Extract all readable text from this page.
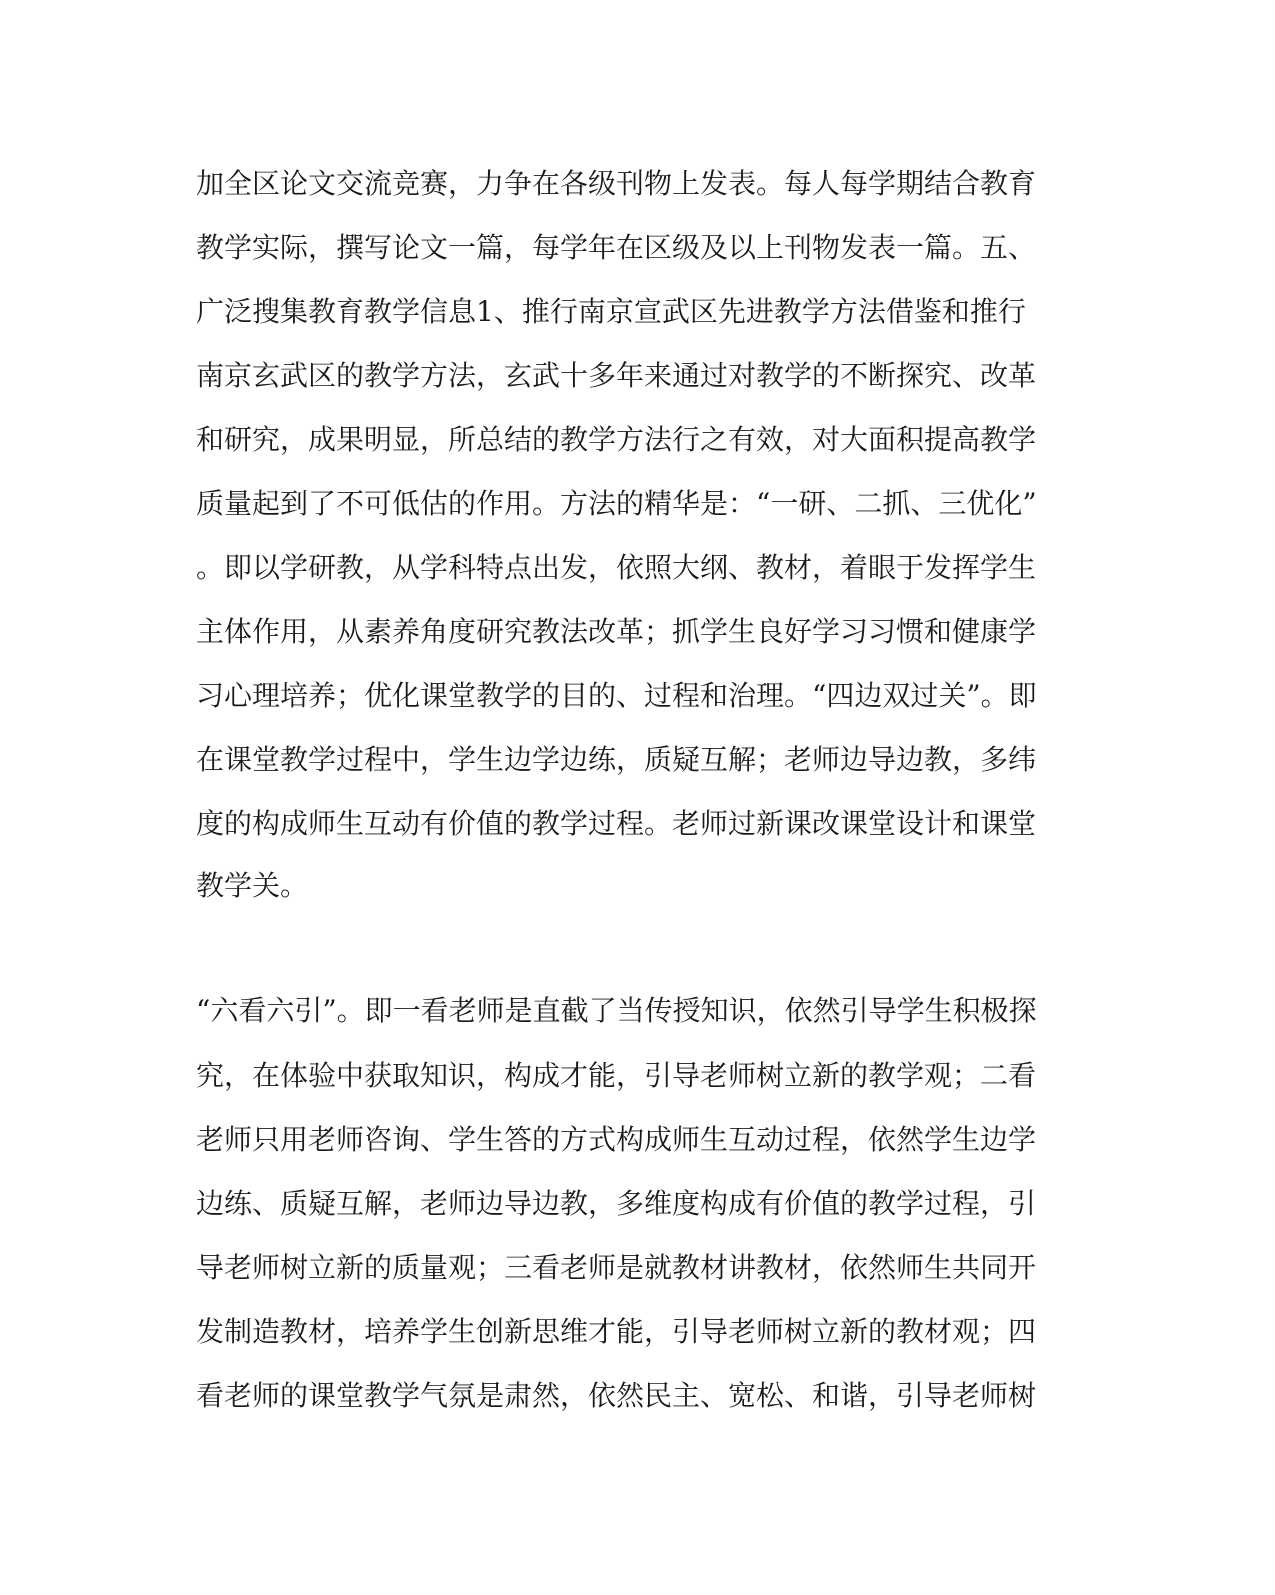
加全区论文交流竞赛，力争在各级刊物上发表。每人每学期结合教育
教学实际，撰写论文一篇，每学年在区级及以上刊物发表一篇。五、
广泛搜集教育教学信息1、推行南京宣武区先进教学方法借鉴和推行
南京玄武区的教学方法，玄武十多年来通过对教学的不断探究、改革
和研究，成果明显，所总结的教学方法行之有效，对大面积提高教学
质量起到了不可低估的作用。方法的精华是：“一研、二抓、三优化”
。即以学研教，从学科特点出发，依照大纲、教材，着眼于发挥学生
主体作用，从素养角度研究教法改革；抓学生良好学习习惯和健康学
习心理培养；优化课堂教学的目的、过程和治理。“四边双过关”。即
在课堂教学过程中，学生边学边练，质疑互解；老师边导边教，多纬
度的构成师生互动有价值的教学过程。老师过新课改课堂设计和课堂
教学关。
“六看六引”。即一看老师是直截了当传授知识，依然引导学生积极探
究，在体验中获取知识，构成才能，引导老师树立新的教学观；二看
老师只用老师咨询、学生答的方式构成师生互动过程，依然学生边学
边练、质疑互解，老师边导边教，多维度构成有价值的教学过程，引
导老师树立新的质量观；三看老师是就教材讲教材，依然师生共同开
发制造教材，培养学生创新思维才能，引导老师树立新的教材观；四
看老师的课堂教学气氛是肃然，依然民主、宽松、和谐，引导老师树
